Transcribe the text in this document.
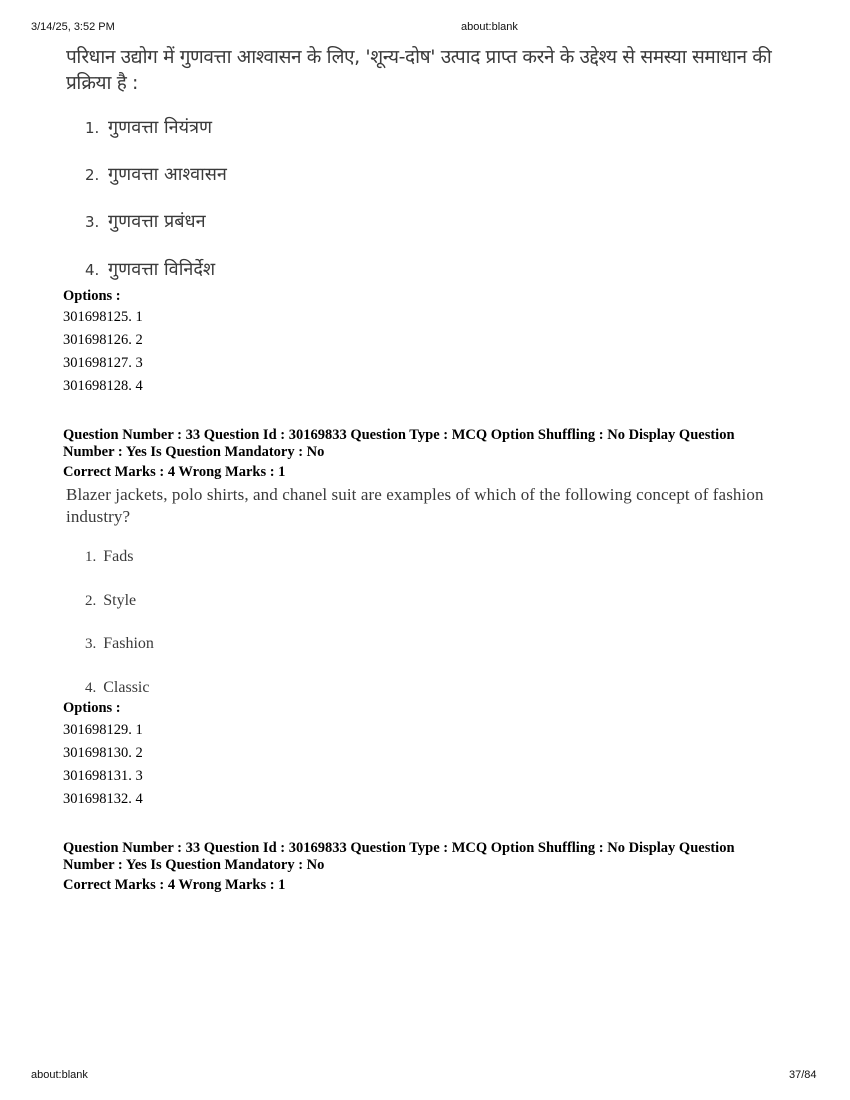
3/14/25, 3:52 PM	about:blank
परिधान उद्योग में गुणवत्ता आश्वासन के लिए, 'शून्य-दोष' उत्पाद प्राप्त करने के उद्देश्य से समस्या समाधान की प्रक्रिया है :
1. गुणवत्ता नियंत्रण
2. गुणवत्ता आश्वासन
3. गुणवत्ता प्रबंधन
4. गुणवत्ता विनिर्देश
Options :
301698125. 1
301698126. 2
301698127. 3
301698128. 4
Question Number : 33 Question Id : 30169833 Question Type : MCQ Option Shuffling : No Display Question
Number : Yes Is Question Mandatory : No
Correct Marks : 4 Wrong Marks : 1
Blazer jackets, polo shirts, and chanel suit are examples of which of the following concept of fashion industry?
1. Fads
2. Style
3. Fashion
4. Classic
Options :
301698129. 1
301698130. 2
301698131. 3
301698132. 4
Question Number : 33 Question Id : 30169833 Question Type : MCQ Option Shuffling : No Display Question
Number : Yes Is Question Mandatory : No
Correct Marks : 4 Wrong Marks : 1
about:blank	37/84
